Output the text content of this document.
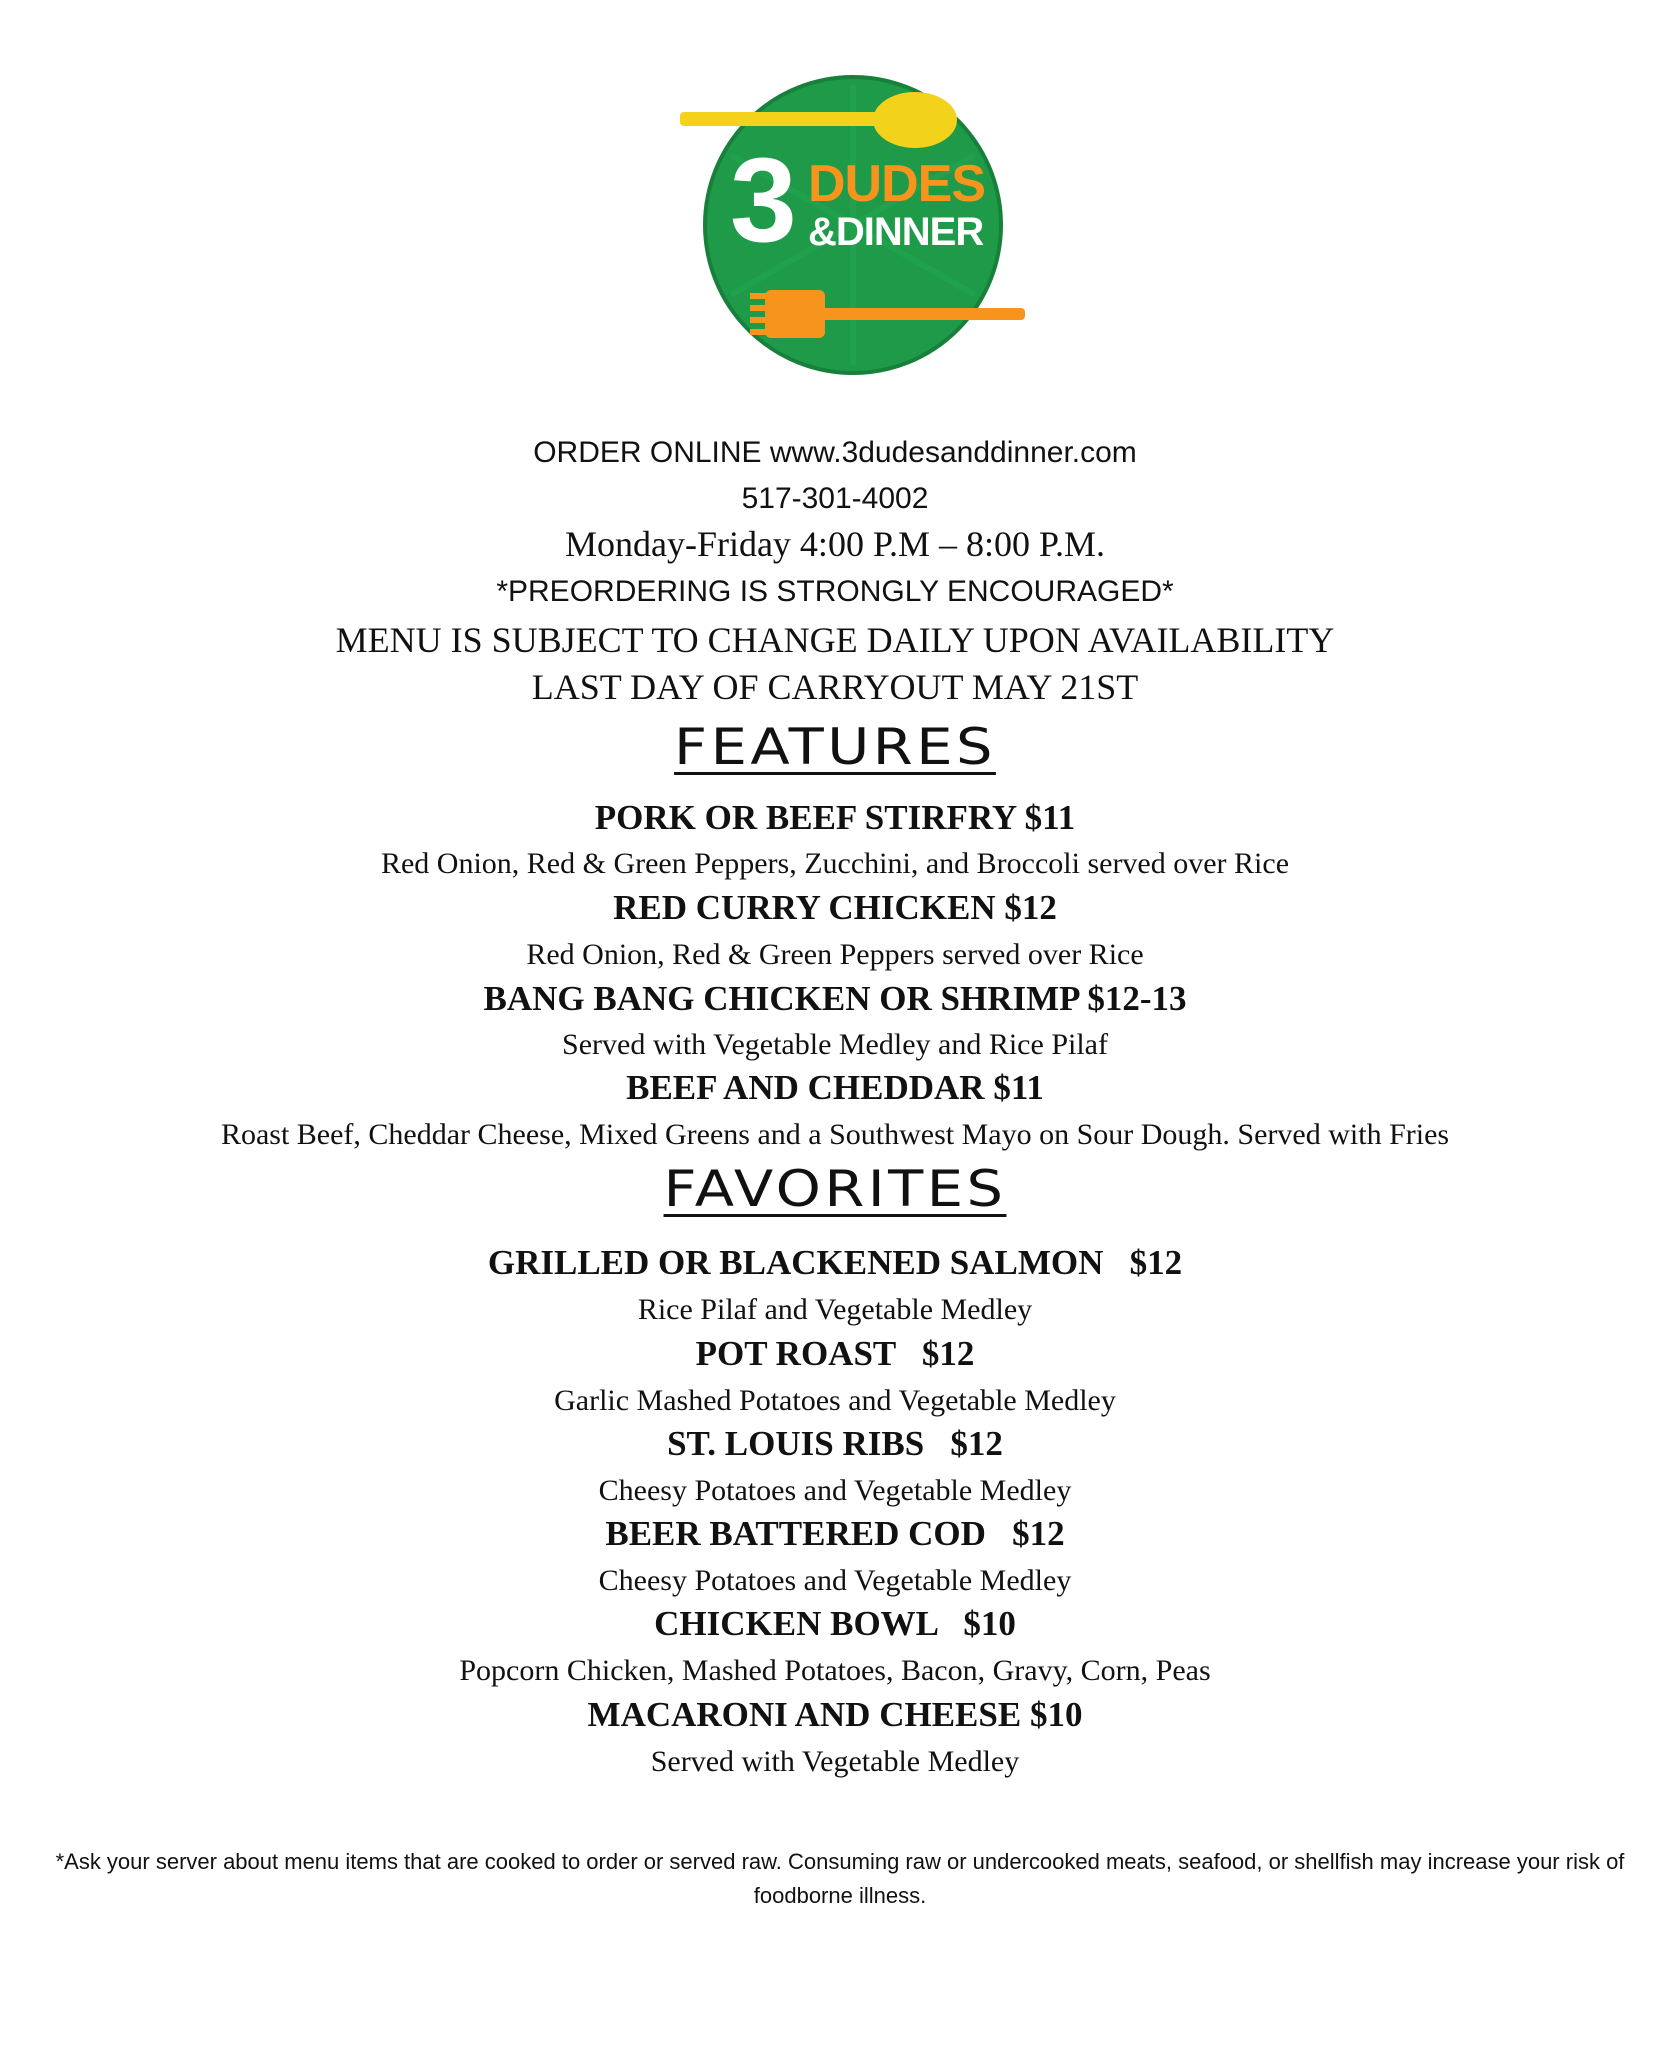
3 DUDES
&DINNER
ORDER ONLINE www.3dudesanddinner.com
517-301-4002
Monday-Friday 4:00 P.M – 8:00 P.M.
*PREORDERING IS STRONGLY ENCOURAGED*
MENU IS SUBJECT TO CHANGE DAILY UPON AVAILABILITY
LAST DAY OF CARRYOUT MAY 21ST
FEATURES
PORK OR BEEF STIRFRY $11
Red Onion, Red & Green Peppers, Zucchini, and Broccoli served over Rice
RED CURRY CHICKEN $12
Red Onion, Red & Green Peppers served over Rice
BANG BANG CHICKEN OR SHRIMP $12-13
Served with Vegetable Medley and Rice Pilaf
BEEF AND CHEDDAR $11
Roast Beef, Cheddar Cheese, Mixed Greens and a Southwest Mayo on Sour Dough. Served with Fries
FAVORITES
GRILLED OR BLACKENED SALMON   $12
Rice Pilaf and Vegetable Medley
POT ROAST   $12
Garlic Mashed Potatoes and Vegetable Medley
ST. LOUIS RIBS   $12
Cheesy Potatoes and Vegetable Medley
BEER BATTERED COD   $12
Cheesy Potatoes and Vegetable Medley
CHICKEN BOWL   $10
Popcorn Chicken, Mashed Potatoes, Bacon, Gravy, Corn, Peas
MACARONI AND CHEESE $10
Served with Vegetable Medley
*Ask your server about menu items that are cooked to order or served raw. Consuming raw or undercooked meats, seafood, or shellfish may increase your risk of foodborne illness.
